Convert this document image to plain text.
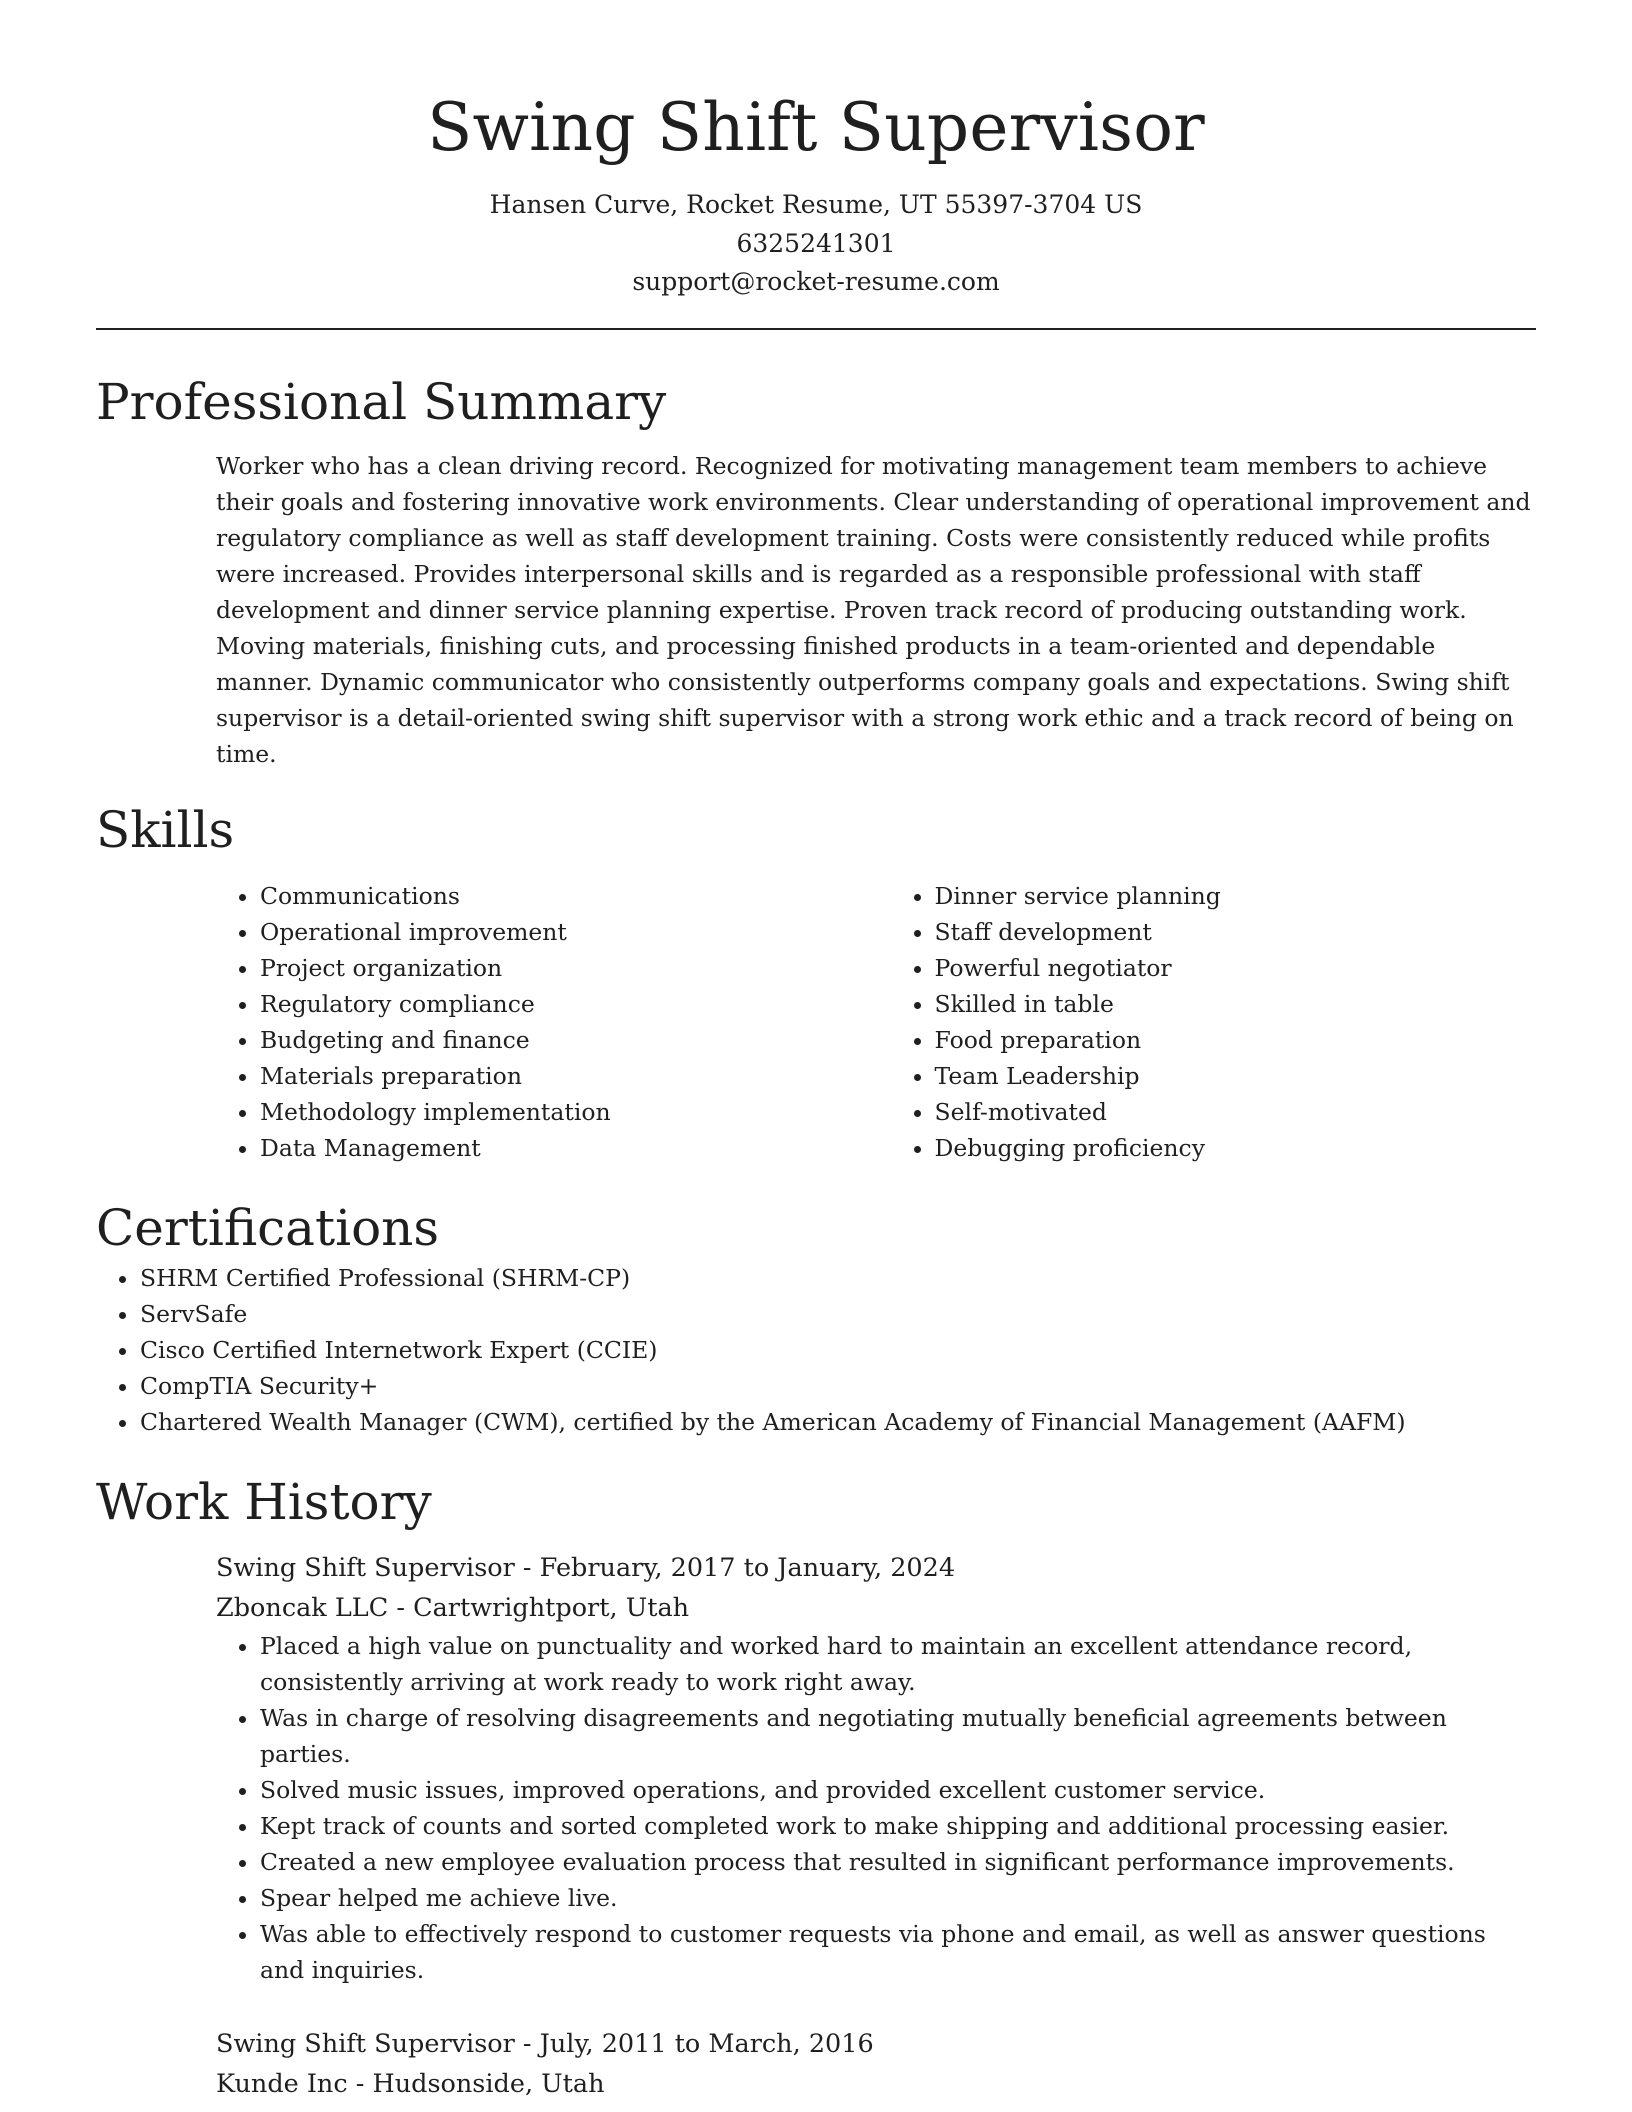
Swing Shift Supervisor
Hansen Curve, Rocket Resume, UT 55397-3704 US
6325241301
support@rocket-resume.com
Professional Summary

Worker who has a clean driving record. Recognized for motivating management team members to achieve their goals and fostering innovative work environments. Clear understanding of operational improvement and regulatory compliance as well as staff development training. Costs were consistently reduced while profits were increased. Provides interpersonal skills and is regarded as a responsible professional with staff development and dinner service planning expertise. Proven track record of producing outstanding work. Moving materials, finishing cuts, and processing finished products in a team-oriented and dependable manner. Dynamic communicator who consistently outperforms company goals and expectations. Swing shift supervisor is a detail-oriented swing shift supervisor with a strong work ethic and a track record of being on time.

Skills
• Communications
• Operational improvement
• Project organization
• Regulatory compliance
• Budgeting and finance
• Materials preparation
• Methodology implementation
• Data Management
• Dinner service planning
• Staff development
• Powerful negotiator
• Skilled in table
• Food preparation
• Team Leadership
• Self-motivated
• Debugging proficiency
Certifications
• SHRM Certified Professional (SHRM-CP)
• ServSafe
• Cisco Certified Internetwork Expert (CCIE)
• CompTIA Security+
• Chartered Wealth Manager (CWM), certified by the American Academy of Financial Management (AAFM)
Work History
Swing Shift Supervisor - February, 2017 to January, 2024
Zboncak LLC - Cartwrightport, Utah
• Placed a high value on punctuality and worked hard to maintain an excellent attendance record, consistently arriving at work ready to work right away.
• Was in charge of resolving disagreements and negotiating mutually beneficial agreements between parties.
• Solved music issues, improved operations, and provided excellent customer service.
• Kept track of counts and sorted completed work to make shipping and additional processing easier.
• Created a new employee evaluation process that resulted in significant performance improvements.
• Spear helped me achieve live.
• Was able to effectively respond to customer requests via phone and email, as well as answer questions and inquiries.
Swing Shift Supervisor - July, 2011 to March, 2016
Kunde Inc - Hudsonside, Utah
